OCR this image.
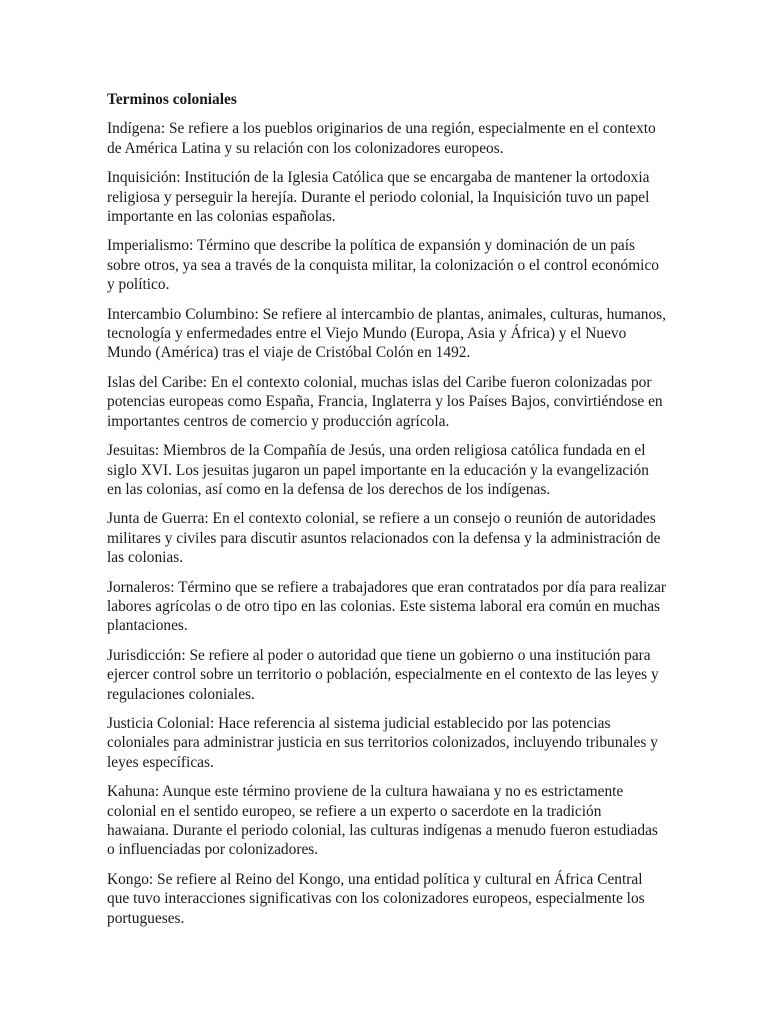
Terminos coloniales

Indígena: Se refiere a los pueblos originarios de una región, especialmente en el contexto de América Latina y su relación con los colonizadores europeos.

Inquisición: Institución de la Iglesia Católica que se encargaba de mantener la ortodoxia religiosa y perseguir la herejía. Durante el periodo colonial, la Inquisición tuvo un papel importante en las colonias españolas.

Imperialismo: Término que describe la política de expansión y dominación de un país sobre otros, ya sea a través de la conquista militar, la colonización o el control económico y político.

Intercambio Columbino: Se refiere al intercambio de plantas, animales, culturas, humanos, tecnología y enfermedades entre el Viejo Mundo (Europa, Asia y África) y el Nuevo Mundo (América) tras el viaje de Cristóbal Colón en 1492.

Islas del Caribe: En el contexto colonial, muchas islas del Caribe fueron colonizadas por potencias europeas como España, Francia, Inglaterra y los Países Bajos, convirtiéndose en importantes centros de comercio y producción agrícola.

Jesuitas: Miembros de la Compañía de Jesús, una orden religiosa católica fundada en el siglo XVI. Los jesuitas jugaron un papel importante en la educación y la evangelización en las colonias, así como en la defensa de los derechos de los indígenas.

Junta de Guerra: En el contexto colonial, se refiere a un consejo o reunión de autoridades militares y civiles para discutir asuntos relacionados con la defensa y la administración de las colonias.

Jornaleros: Término que se refiere a trabajadores que eran contratados por día para realizar labores agrícolas o de otro tipo en las colonias. Este sistema laboral era común en muchas plantaciones.

Jurisdicción: Se refiere al poder o autoridad que tiene un gobierno o una institución para ejercer control sobre un territorio o población, especialmente en el contexto de las leyes y regulaciones coloniales.

Justicia Colonial: Hace referencia al sistema judicial establecido por las potencias coloniales para administrar justicia en sus territorios colonizados, incluyendo tribunales y leyes específicas.

Kahuna: Aunque este término proviene de la cultura hawaiana y no es estrictamente colonial en el sentido europeo, se refiere a un experto o sacerdote en la tradición hawaiana. Durante el periodo colonial, las culturas indígenas a menudo fueron estudiadas o influenciadas por colonizadores.

Kongo: Se refiere al Reino del Kongo, una entidad política y cultural en África Central que tuvo interacciones significativas con los colonizadores europeos, especialmente los portugueses.
